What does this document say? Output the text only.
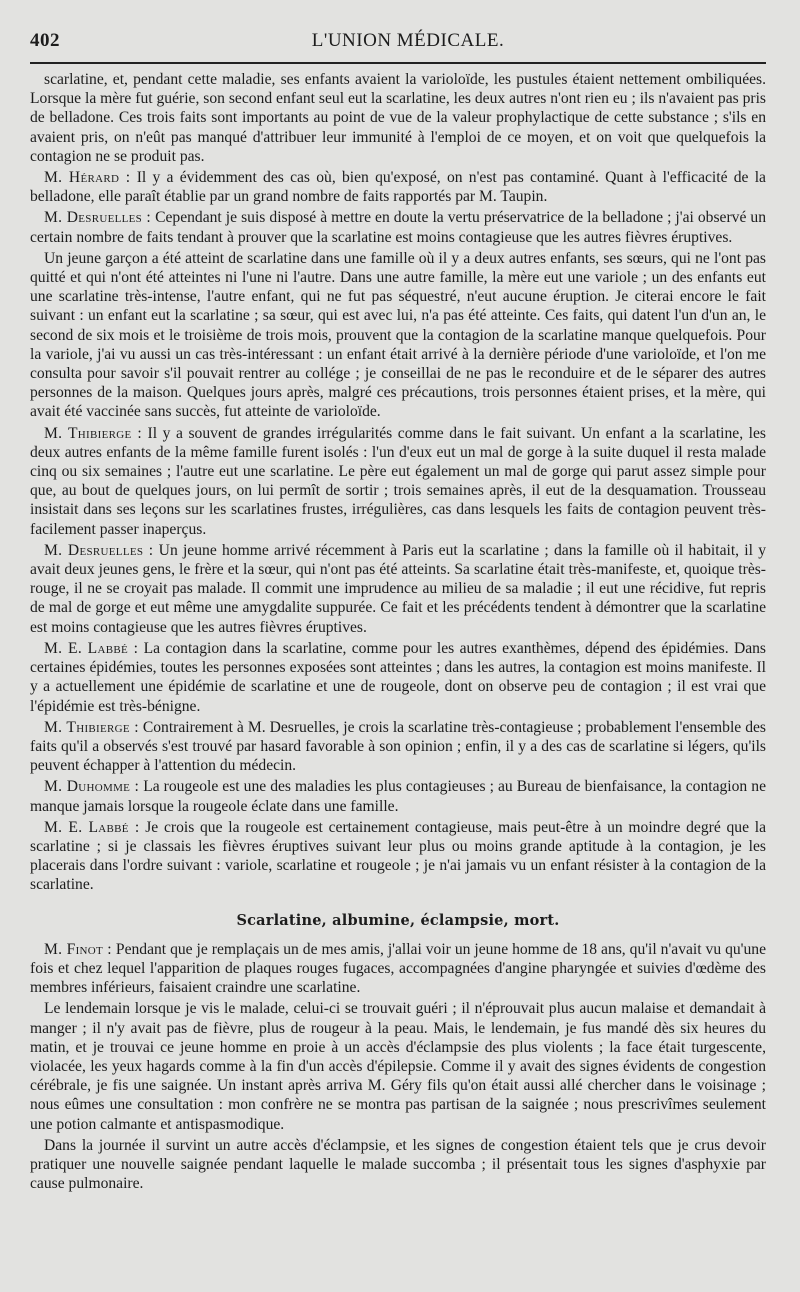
402	L'UNION MÉDICALE.

scarlatine, et, pendant cette maladie, ses enfants avaient la varioloïde, les pustules étaient nettement ombiliquées. Lorsque la mère fut guérie, son second enfant seul eut la scarlatine, les deux autres n'ont rien eu ; ils n'avaient pas pris de belladone. Ces trois faits sont importants au point de vue de la valeur prophylactique de cette substance ; s'ils en avaient pris, on n'eût pas manqué d'attribuer leur immunité à l'emploi de ce moyen, et on voit que quelquefois la contagion ne se produit pas.

M. Hérard : Il y a évidemment des cas où, bien qu'exposé, on n'est pas contaminé. Quant à l'efficacité de la belladone, elle paraît établie par un grand nombre de faits rapportés par M. Taupin.

M. Desruelles : Cependant je suis disposé à mettre en doute la vertu préservatrice de la belladone ; j'ai observé un certain nombre de faits tendant à prouver que la scarlatine est moins contagieuse que les autres fièvres éruptives.

Un jeune garçon a été atteint de scarlatine dans une famille où il y a deux autres enfants, ses sœurs, qui ne l'ont pas quitté et qui n'ont été atteintes ni l'une ni l'autre. Dans une autre famille, la mère eut une variole ; un des enfants eut une scarlatine très-intense, l'autre enfant, qui ne fut pas séquestré, n'eut aucune éruption. Je citerai encore le fait suivant : un enfant eut la scarlatine ; sa sœur, qui est avec lui, n'a pas été atteinte. Ces faits, qui datent l'un d'un an, le second de six mois et le troisième de trois mois, prouvent que la contagion de la scarlatine manque quelquefois. Pour la variole, j'ai vu aussi un cas très-intéressant : un enfant était arrivé à la dernière période d'une varioloïde, et l'on me consulta pour savoir s'il pouvait rentrer au collége ; je conseillai de ne pas le reconduire et de le séparer des autres personnes de la maison. Quelques jours après, malgré ces précautions, trois personnes étaient prises, et la mère, qui avait été vaccinée sans succès, fut atteinte de varioloïde.

M. Thibierge : Il y a souvent de grandes irrégularités comme dans le fait suivant. Un enfant a la scarlatine, les deux autres enfants de la même famille furent isolés : l'un d'eux eut un mal de gorge à la suite duquel il resta malade cinq ou six semaines ; l'autre eut une scarlatine. Le père eut également un mal de gorge qui parut assez simple pour que, au bout de quelques jours, on lui permît de sortir ; trois semaines après, il eut de la desquamation. Trousseau insistait dans ses leçons sur les scarlatines frustes, irrégulières, cas dans lesquels les faits de contagion peuvent très-facilement passer inaperçus.

M. Desruelles : Un jeune homme arrivé récemment à Paris eut la scarlatine ; dans la famille où il habitait, il y avait deux jeunes gens, le frère et la sœur, qui n'ont pas été atteints. Sa scarlatine était très-manifeste, et, quoique très-rouge, il ne se croyait pas malade. Il commit une imprudence au milieu de sa maladie ; il eut une récidive, fut repris de mal de gorge et eut même une amygdalite suppurée. Ce fait et les précédents tendent à démontrer que la scarlatine est moins contagieuse que les autres fièvres éruptives.

M. E. Labbé : La contagion dans la scarlatine, comme pour les autres exanthèmes, dépend des épidémies. Dans certaines épidémies, toutes les personnes exposées sont atteintes ; dans les autres, la contagion est moins manifeste. Il y a actuellement une épidémie de scarlatine et une de rougeole, dont on observe peu de contagion ; il est vrai que l'épidémie est très-bénigne.

M. Thibierge : Contrairement à M. Desruelles, je crois la scarlatine très-contagieuse ; probablement l'ensemble des faits qu'il a observés s'est trouvé par hasard favorable à son opinion ; enfin, il y a des cas de scarlatine si légers, qu'ils peuvent échapper à l'attention du médecin.

M. Duhomme : La rougeole est une des maladies les plus contagieuses ; au Bureau de bienfaisance, la contagion ne manque jamais lorsque la rougeole éclate dans une famille.

M. E. Labbé : Je crois que la rougeole est certainement contagieuse, mais peut-être à un moindre degré que la scarlatine ; si je classais les fièvres éruptives suivant leur plus ou moins grande aptitude à la contagion, je les placerais dans l'ordre suivant : variole, scarlatine et rougeole ; je n'ai jamais vu un enfant résister à la contagion de la scarlatine.

Scarlatine, albumine, éclampsie, mort.

M. Finot : Pendant que je remplaçais un de mes amis, j'allai voir un jeune homme de 18 ans, qu'il n'avait vu qu'une fois et chez lequel l'apparition de plaques rouges fugaces, accompagnées d'angine pharyngée et suivies d'œdème des membres inférieurs, faisaient craindre une scarlatine.

Le lendemain lorsque je vis le malade, celui-ci se trouvait guéri ; il n'éprouvait plus aucun malaise et demandait à manger ; il n'y avait pas de fièvre, plus de rougeur à la peau. Mais, le lendemain, je fus mandé dès six heures du matin, et je trouvai ce jeune homme en proie à un accès d'éclampsie des plus violents ; la face était turgescente, violacée, les yeux hagards comme à la fin d'un accès d'épilepsie. Comme il y avait des signes évidents de congestion cérébrale, je fis une saignée. Un instant après arriva M. Géry fils qu'on était aussi allé chercher dans le voisinage ; nous eûmes une consultation : mon confrère ne se montra pas partisan de la saignée ; nous prescrivîmes seulement une potion calmante et antispasmodique.

Dans la journée il survint un autre accès d'éclampsie, et les signes de congestion étaient tels que je crus devoir pratiquer une nouvelle saignée pendant laquelle le malade succomba ; il présentait tous les signes d'asphyxie par cause pulmonaire.
